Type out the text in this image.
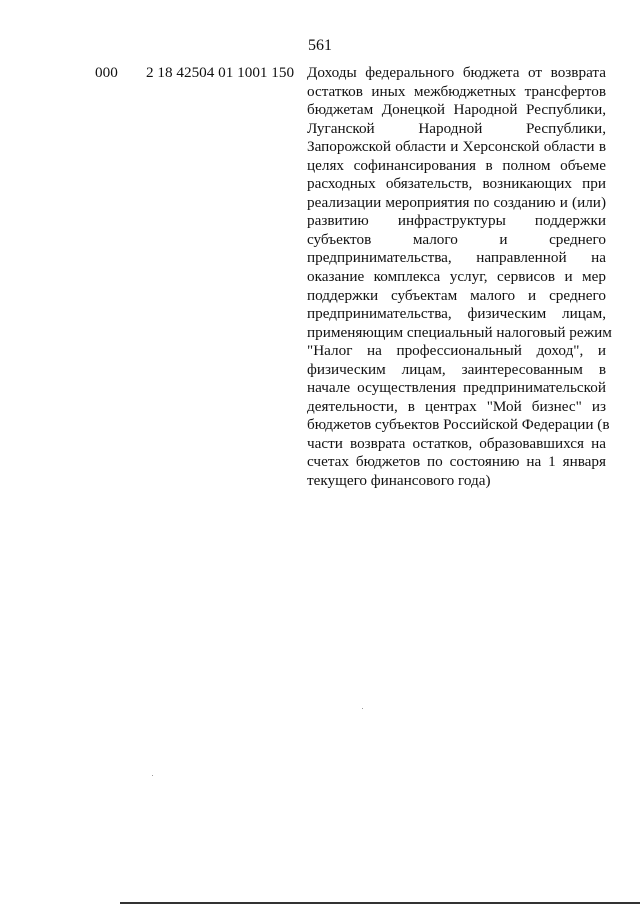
561
000 2 18 42504 01 1001 150 Доходы федерального бюджета от возврата
остатков иных межбюджетных трансфертов
бюджетам Донецкой Народной Республики,
Луганской Народной Республики,
Запорожской области и Херсонской области в
целях софинансирования в полном объеме
расходных обязательств, возникающих при
реализации мероприятия по созданию и (или)
развитию инфраструктуры поддержки
субъектов малого и среднего
предпринимательства, направленной на
оказание комплекса услуг, сервисов и мер
поддержки субъектам малого и среднего
предпринимательства, физическим лицам,
применяющим специальный налоговый режим
"Налог на профессиональный доход", и
физическим лицам, заинтересованным в
начале осуществления предпринимательской
деятельности, в центрах "Мой бизнес" из
бюджетов субъектов Российской Федерации (в
части возврата остатков, образовавшихся на
счетах бюджетов по состоянию на 1 января
текущего финансового года)
